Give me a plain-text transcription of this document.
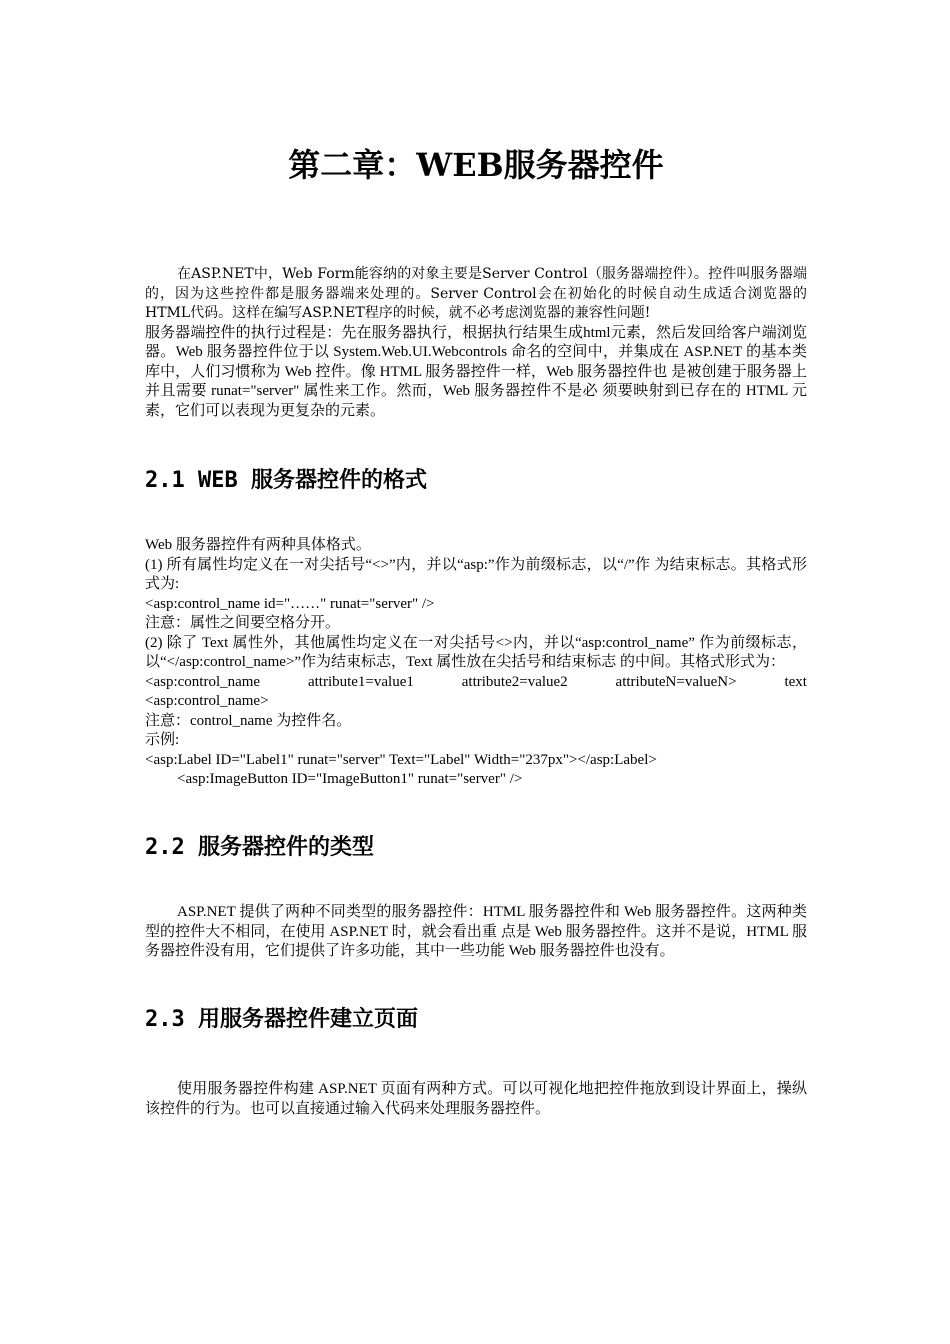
第二章：WEB服务器控件

在ASP.NET中，Web Form能容纳的对象主要是Server Control（服务器端控件）。控件叫服务器端的，因为这些控件都是服务器端来处理的。Server Control会在初始化的时候自动生成适合浏览器的HTML代码。这样在编写ASP.NET程序的时候，就不必考虑浏览器的兼容性问题!

服务器端控件的执行过程是：先在服务器执行，根据执行结果生成html元素，然后发回给客户端浏览器。Web 服务器控件位于以 System.Web.UI.Webcontrols 命名的空间中，并集成在 ASP.NET 的基本类库中，人们习惯称为 Web 控件。像 HTML 服务器控件一样，Web 服务器控件也 是被创建于服务器上并且需要 runat="server" 属性来工作。然而，Web 服务器控件不是必 须要映射到已存在的 HTML 元素，它们可以表现为更复杂的元素。

2.1 WEB 服务器控件的格式

Web 服务器控件有两种具体格式。

(1) 所有属性均定义在一对尖括号“<>”内，并以“asp:”作为前缀标志，以“/”作 为结束标志。其格式形式为:

<asp:control_name id="……" runat="server" />

注意：属性之间要空格分开。

(2) 除了 Text 属性外，其他属性均定义在一对尖括号<>内，并以“asp:control_name” 作为前缀标志，以“</asp:control_name>”作为结束标志，Text 属性放在尖括号和结束标志 的中间。其格式形式为：

<asp:control_name	attribute1=value1	attribute2=value2	attributeN=valueN>	text

<asp:control_name>

注意：control_name 为控件名。

示例:

<asp:Label ID="Label1" runat="server" Text="Label" Width="237px"></asp:Label>

<asp:ImageButton ID="ImageButton1" runat="server" />

2.2 服务器控件的类型

ASP.NET 提供了两种不同类型的服务器控件：HTML 服务器控件和 Web 服务器控件。这两种类型的控件大不相同，在使用 ASP.NET 时，就会看出重 点是 Web 服务器控件。这并不是说，HTML 服务器控件没有用，它们提供了许多功能，其中一些功能 Web 服务器控件也没有。

2.3 用服务器控件建立页面

使用服务器控件构建 ASP.NET 页面有两种方式。可以可视化地把控件拖放到设计界面上，操纵该控件的行为。也可以直接通过输入代码来处理服务器控件。
